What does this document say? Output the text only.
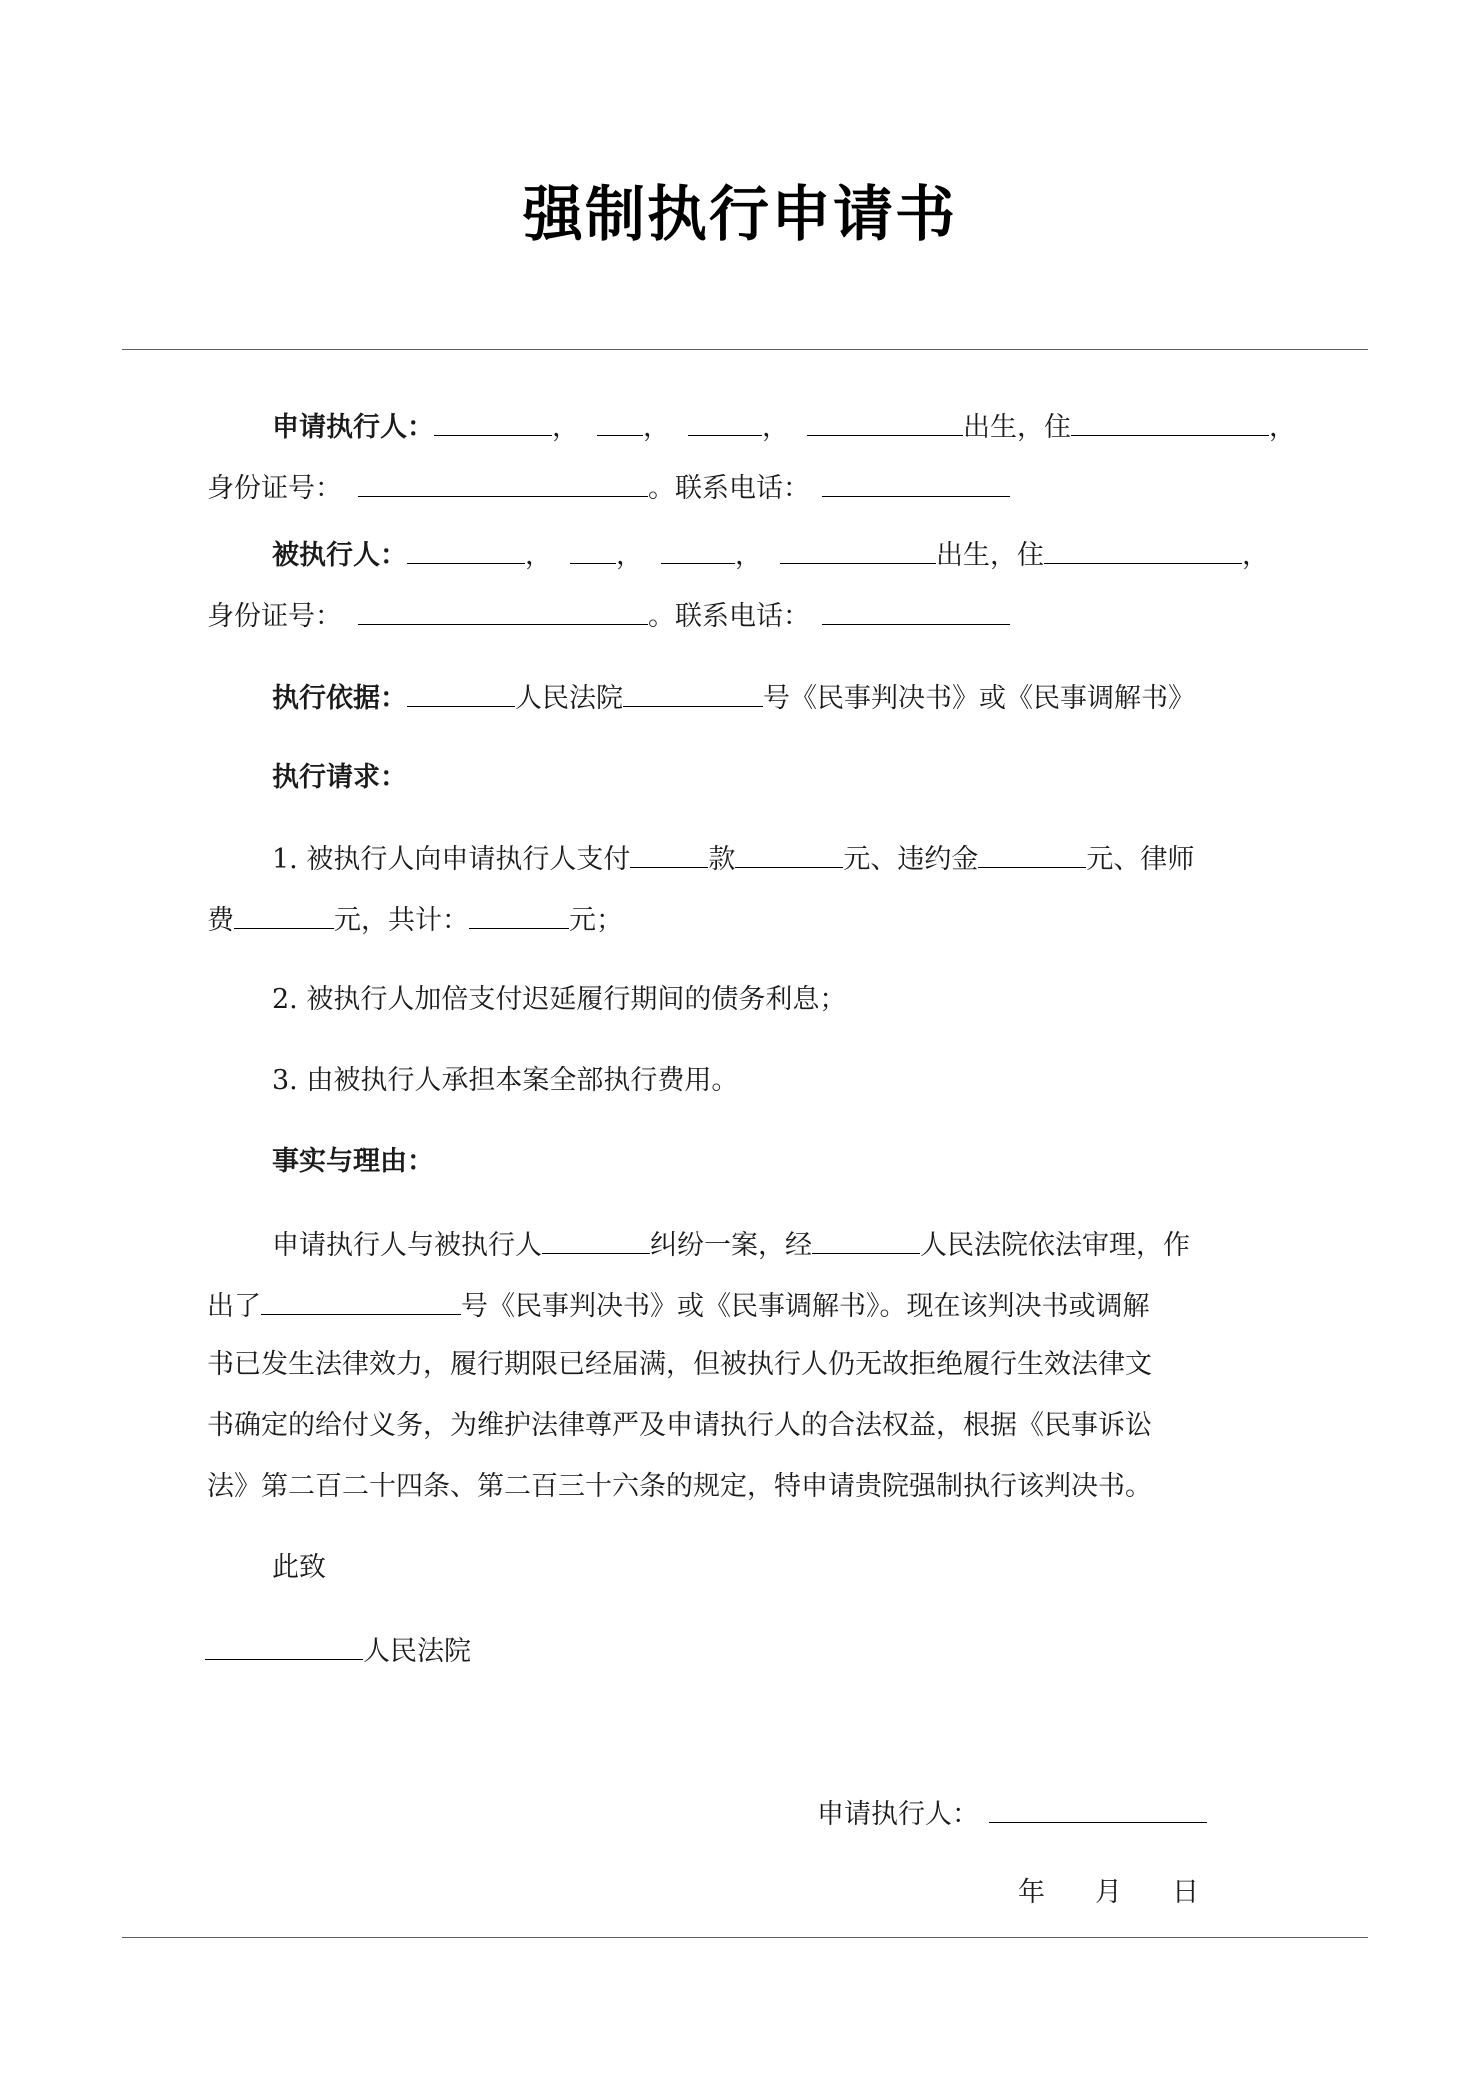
强制执行申请书
申请执行人：	， ，	，	出生，住	，
身份证号：	。联系电话：
被执行人：	， ，	，	出生，住	，
身份证号：	。联系电话：
执行依据：	人民法院	号《民事判决书》或《民事调解书》
执行请求：
1. 被执行人向申请执行人支付	款	元、违约金	元、律师
费	元，共计：	元；
2. 被执行人加倍支付迟延履行期间的债务利息；
3. 由被执行人承担本案全部执行费用。
事实与理由：
申请执行人与被执行人	纠纷一案，经	人民法院依法审理，作
出了	号《民事判决书》或《民事调解书》。现在该判决书或调解
书已发生法律效力，履行期限已经届满，但被执行人仍无故拒绝履行生效法律文
书确定的给付义务，为维护法律尊严及申请执行人的合法权益，根据《民事诉讼
法》第二百二十四条、第二百三十六条的规定，特申请贵院强制执行该判决书。
此致
人民法院
申请执行人：
年 月 日
